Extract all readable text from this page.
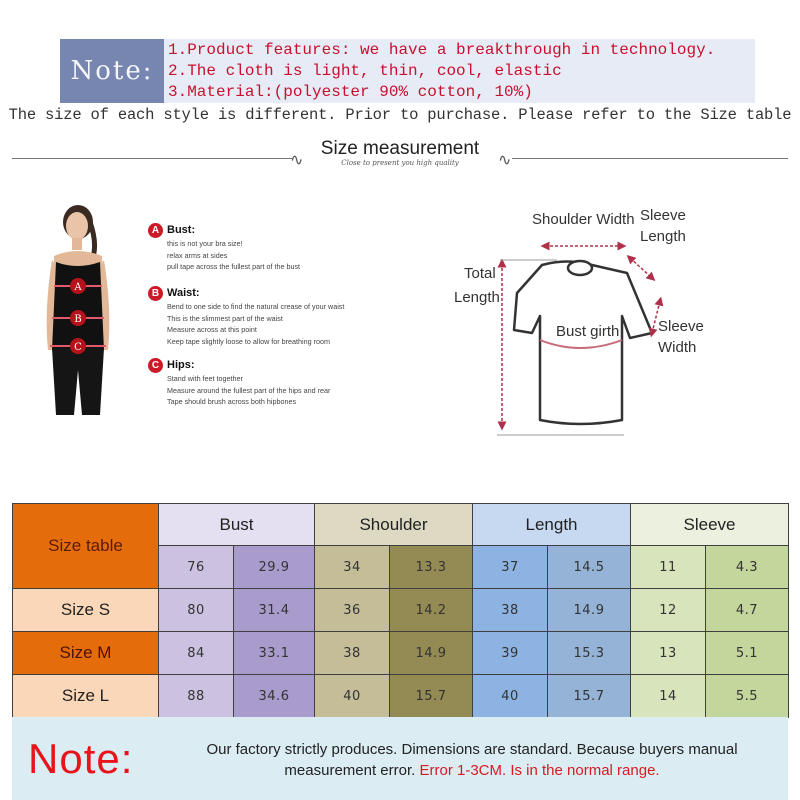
Note:
1.Product features: we have a breakthrough in technology.
2.The cloth is light, thin, cool, elastic
3.Material:(polyester 90% cotton, 10%)
The size of each style is different. Prior to purchase. Please refer to the Size table
∿
Size measurement
Close to present you high quality	∿
A
B
C
A Bust:
this is not your bra size!
relax arms at sides
pull tape across the fullest part of the bust
B Waist:
Bend to one side to find the natural crease of your waist
This is the slimmest part of the waist
Measure across at this point
Keep tape slightly loose to allow for breathing room
C Hips:
Stand with feet together
Measure around the fullest part of the hips and rear
Tape should brush across both hipbones
Shoulder Width Sleeve
Length
Total
Length
Bust girth	Sleeve
Width
Size table	Bust		Shoulder		Length		Sleeve	
	76	29.9	34	13.3	37	14.5	11	4.3
Size S	80	31.4	36	14.2	38	14.9	12	4.7
Size M	84	33.1	38	14.9	39	15.3	13	5.1
Size L	88	34.6	40	15.7	40	15.7	14	5.5
Note:	Our factory strictly produces. Dimensions are standard. Because buyers manual measurement error. Error 1-3CM. Is in the normal range.
